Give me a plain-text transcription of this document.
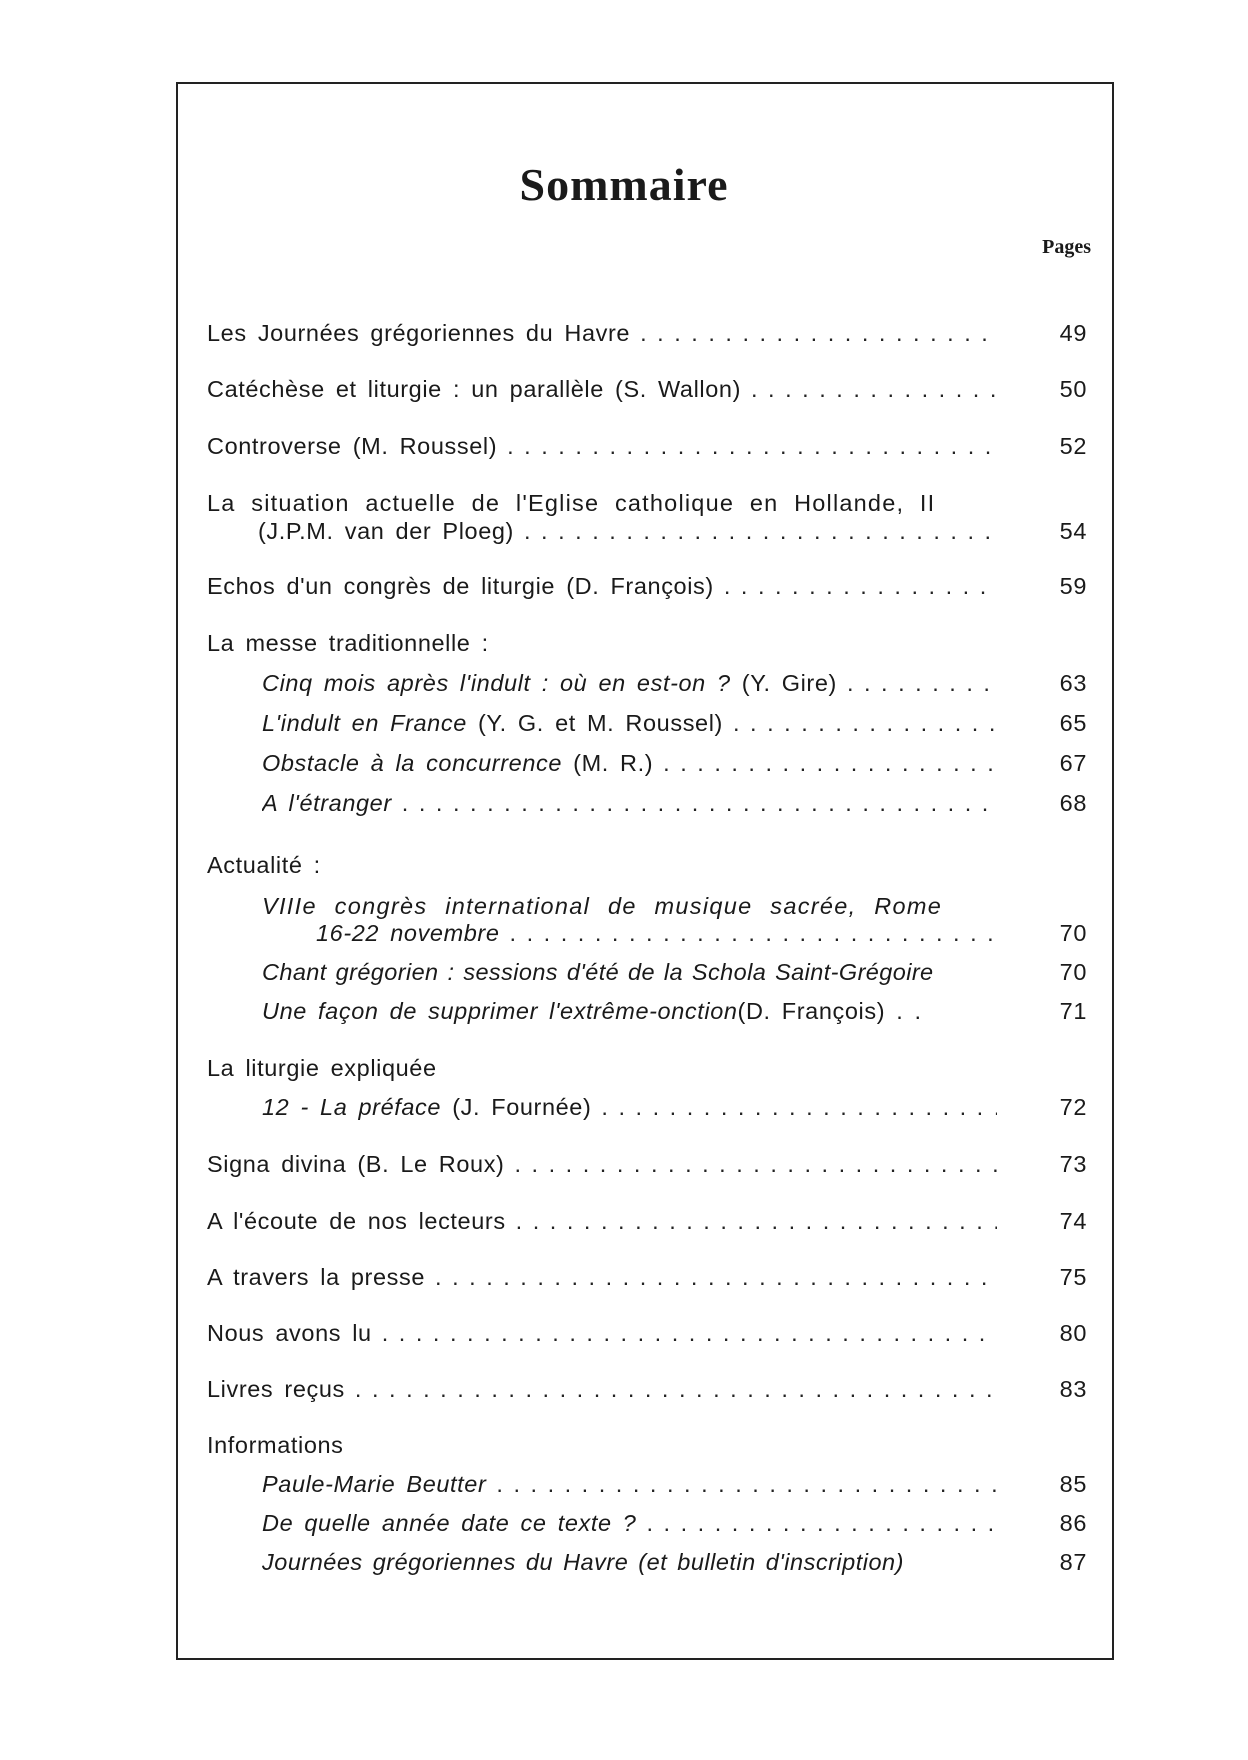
Sommaire
Pages
Les Journées grégoriennes du Havre . . .	49
Catéchèse et liturgie : un parallèle (S. Wallon) . . .	50
Controverse (M. Roussel) . . .	52
La situation actuelle de l'Eglise catholique en Hollande, II
(J.P.M. van der Ploeg) . . .	54
Echos d'un congrès de liturgie (D. François) . . .	59
La messe traditionnelle :
Cinq mois après l'indult : où en est-on ? (Y. Gire) . . .	63
L'indult en France (Y. G. et M. Roussel) . . .	65
Obstacle à la concurrence (M. R.) . . .	67
A l'étranger . . .	68
Actualité :
VIIIe congrès international de musique sacrée, Rome
16-22 novembre . . .	70
Chant grégorien : sessions d'été de la Schola Saint-Grégoire	70
Une façon de supprimer l'extrême-onction (D. François) . .	71
La liturgie expliquée
12 - La préface (J. Fournée) . . .	72
Signa divina (B. Le Roux) . . .	73
A l'écoute de nos lecteurs . . .	74
A travers la presse . . .	75
Nous avons lu . . .	80
Livres reçus . . .	83
Informations
Paule-Marie Beutter . . .	85
De quelle année date ce texte ? . . .	86
Journées grégoriennes du Havre (et bulletin d'inscription)	87
